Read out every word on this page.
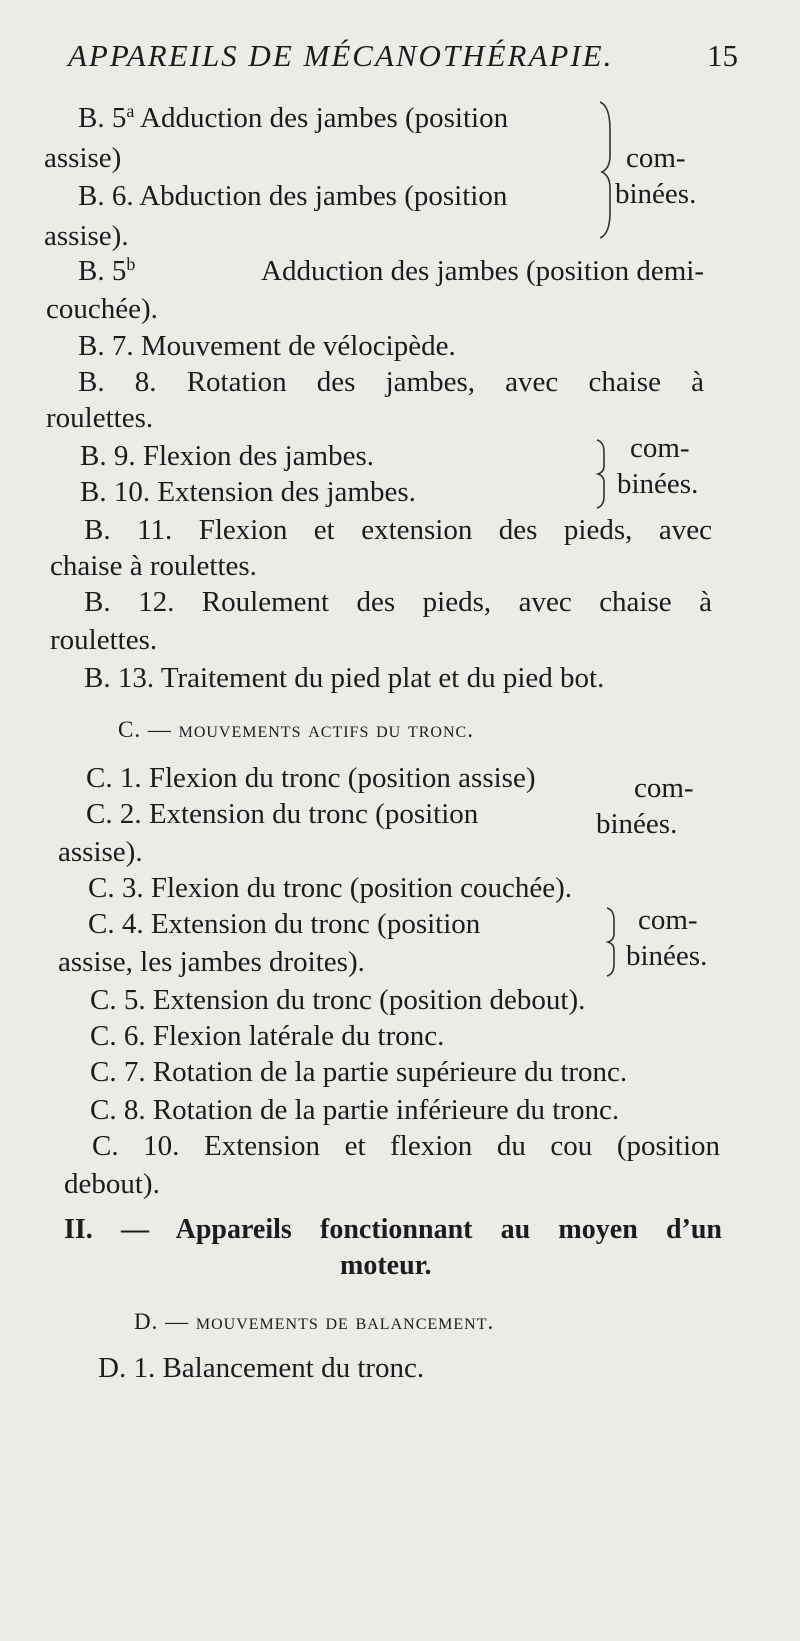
APPAREILS DE MÉCANOTHÉRAPIE.	15
B. 5$^a$ Adduction des jambes (position
assise)
B. 6. Abduction des jambes (position
assise).
com-
binées.
B. 5$^b$	Adduction des jambes (position demi-
couchée).
B. 7. Mouvement de vélocipède.
B. 8. Rotation des jambes, avec chaise à
roulettes.
B. 9. Flexion des jambes.
B. 10. Extension des jambes.
com-
binées.
B. 11. Flexion et extension des pieds, avec
chaise à roulettes.
B. 12. Roulement des pieds, avec chaise à
roulettes.
B. 13. Traitement du pied plat et du pied bot.
C. — mouvements actifs du tronc.
C. 1. Flexion du tronc (position assise)
C. 2. Extension du tronc (position
assise).
com-
binées.
C. 3. Flexion du tronc (position couchée).
C. 4. Extension du tronc (position
assise, les jambes droites).
com-
binées.
C. 5. Extension du tronc (position debout).
C. 6. Flexion latérale du tronc.
C. 7. Rotation de la partie supérieure du tronc.
C. 8. Rotation de la partie inférieure du tronc.
C. 10. Extension et flexion du cou (position
debout).
II. — Appareils fonctionnant au moyen d’un
moteur.
D. — mouvements de balancement.
D. 1. Balancement du tronc.
